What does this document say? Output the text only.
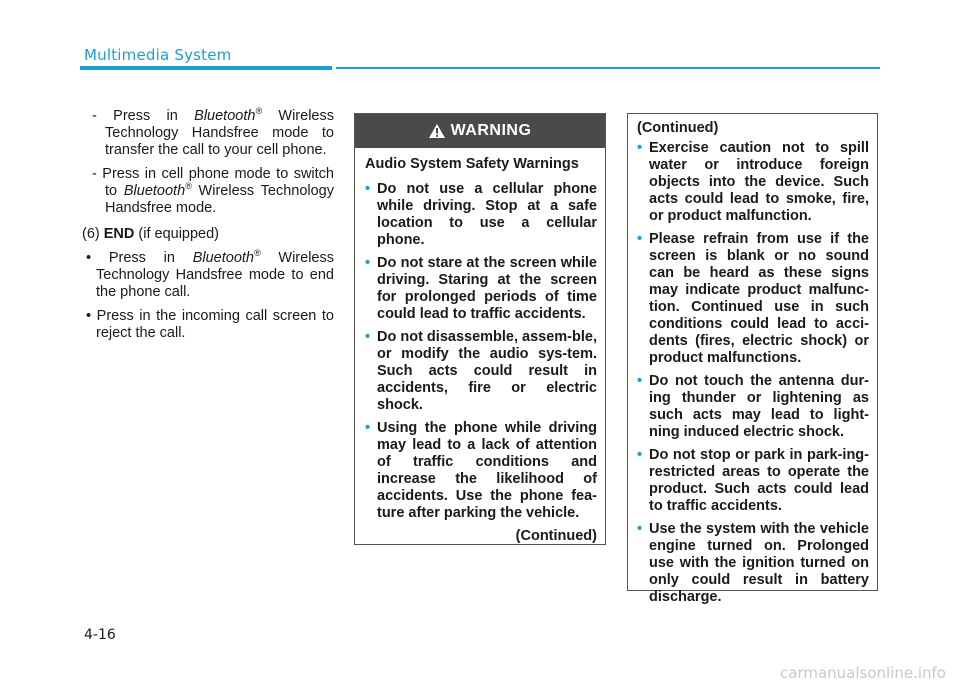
Multimedia System

- Press in Bluetooth® Wireless Technology Handsfree mode to transfer the call to your cell phone.

- Press in cell phone mode to switch to Bluetooth® Wireless Technology Handsfree mode.

(6) END (if equipped)

• Press in Bluetooth® Wireless Technology Handsfree mode to end the phone call.

• Press in the incoming call screen to reject the call.

WARNING

Audio System Safety Warnings

• Do not use a cellular phone while driving. Stop at a safe location to use a cellular phone.
• Do not stare at the screen while driving. Staring at the screen for prolonged periods of time could lead to traffic accidents.
• Do not disassemble, assem-ble, or modify the audio sys-tem. Such acts could result in accidents, fire or electric shock.
• Using the phone while driving may lead to a lack of attention of traffic conditions and increase the likelihood of accidents. Use the phone fea-ture after parking the vehicle.

(Continued)

(Continued)

• Exercise caution not to spill water or introduce foreign objects into the device. Such acts could lead to smoke, fire, or product malfunction.
• Please refrain from use if the screen is blank or no sound can be heard as these signs may indicate product malfunc-tion. Continued use in such conditions could lead to acci-dents (fires, electric shock) or product malfunctions.
• Do not touch the antenna dur-ing thunder or lightening as such acts may lead to light-ning induced electric shock.
• Do not stop or park in park-ing-restricted areas to operate the product. Such acts could lead to traffic accidents.
• Use the system with the vehicle engine turned on. Prolonged use with the ignition turned on only could result in battery discharge.
4-16
carmanualsonline.info
